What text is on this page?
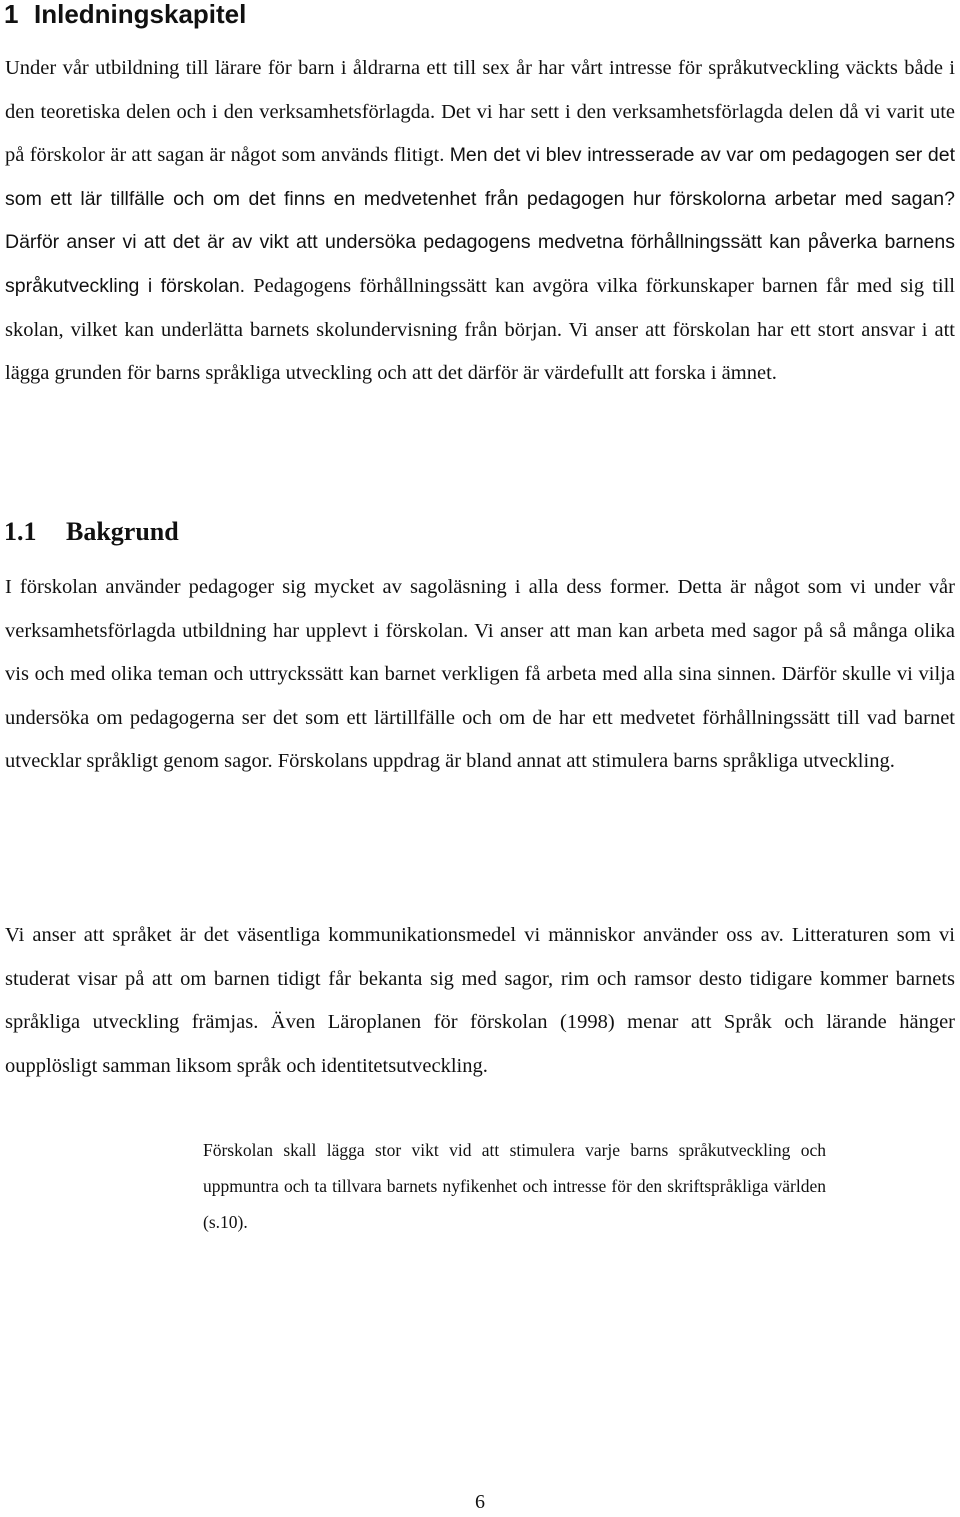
1 Inledningskapitel

Under vår utbildning till lärare för barn i åldrarna ett till sex år har vårt intresse för språkutveckling väckts både i den teoretiska delen och i den verksamhetsförlagda. Det vi har sett i den verksamhetsförlagda delen då vi varit ute på förskolor är att sagan är något som används flitigt. Men det vi blev intresserade av var om pedagogen ser det som ett lär tillfälle och om det finns en medvetenhet från pedagogen hur förskolorna arbetar med sagan? Därför anser vi att det är av vikt att undersöka pedagogens medvetna förhållningssätt kan påverka barnens språkutveckling i förskolan. Pedagogens förhållningssätt kan avgöra vilka förkunskaper barnen får med sig till skolan, vilket kan underlätta barnets skolundervisning från början. Vi anser att förskolan har ett stort ansvar i att lägga grunden för barns språkliga utveckling och att det därför är värdefullt att forska i ämnet.

1.1 Bakgrund

I förskolan använder pedagoger sig mycket av sagoläsning i alla dess former. Detta är något som vi under vår verksamhetsförlagda utbildning har upplevt i förskolan. Vi anser att man kan arbeta med sagor på så många olika vis och med olika teman och uttryckssätt kan barnet verkligen få arbeta med alla sina sinnen. Därför skulle vi vilja undersöka om pedagogerna ser det som ett lärtillfälle och om de har ett medvetet förhållningssätt till vad barnet utvecklar språkligt genom sagor. Förskolans uppdrag är bland annat att stimulera barns språkliga utveckling.

Vi anser att språket är det väsentliga kommunikationsmedel vi människor använder oss av. Litteraturen som vi studerat visar på att om barnen tidigt får bekanta sig med sagor, rim och ramsor desto tidigare kommer barnets språkliga utveckling främjas. Även Läroplanen för förskolan (1998) menar att Språk och lärande hänger oupplösligt samman liksom språk och identitetsutveckling.

Förskolan skall lägga stor vikt vid att stimulera varje barns språkutveckling och uppmuntra och ta tillvara barnets nyfikenhet och intresse för den skriftspråkliga världen (s.10).

6
